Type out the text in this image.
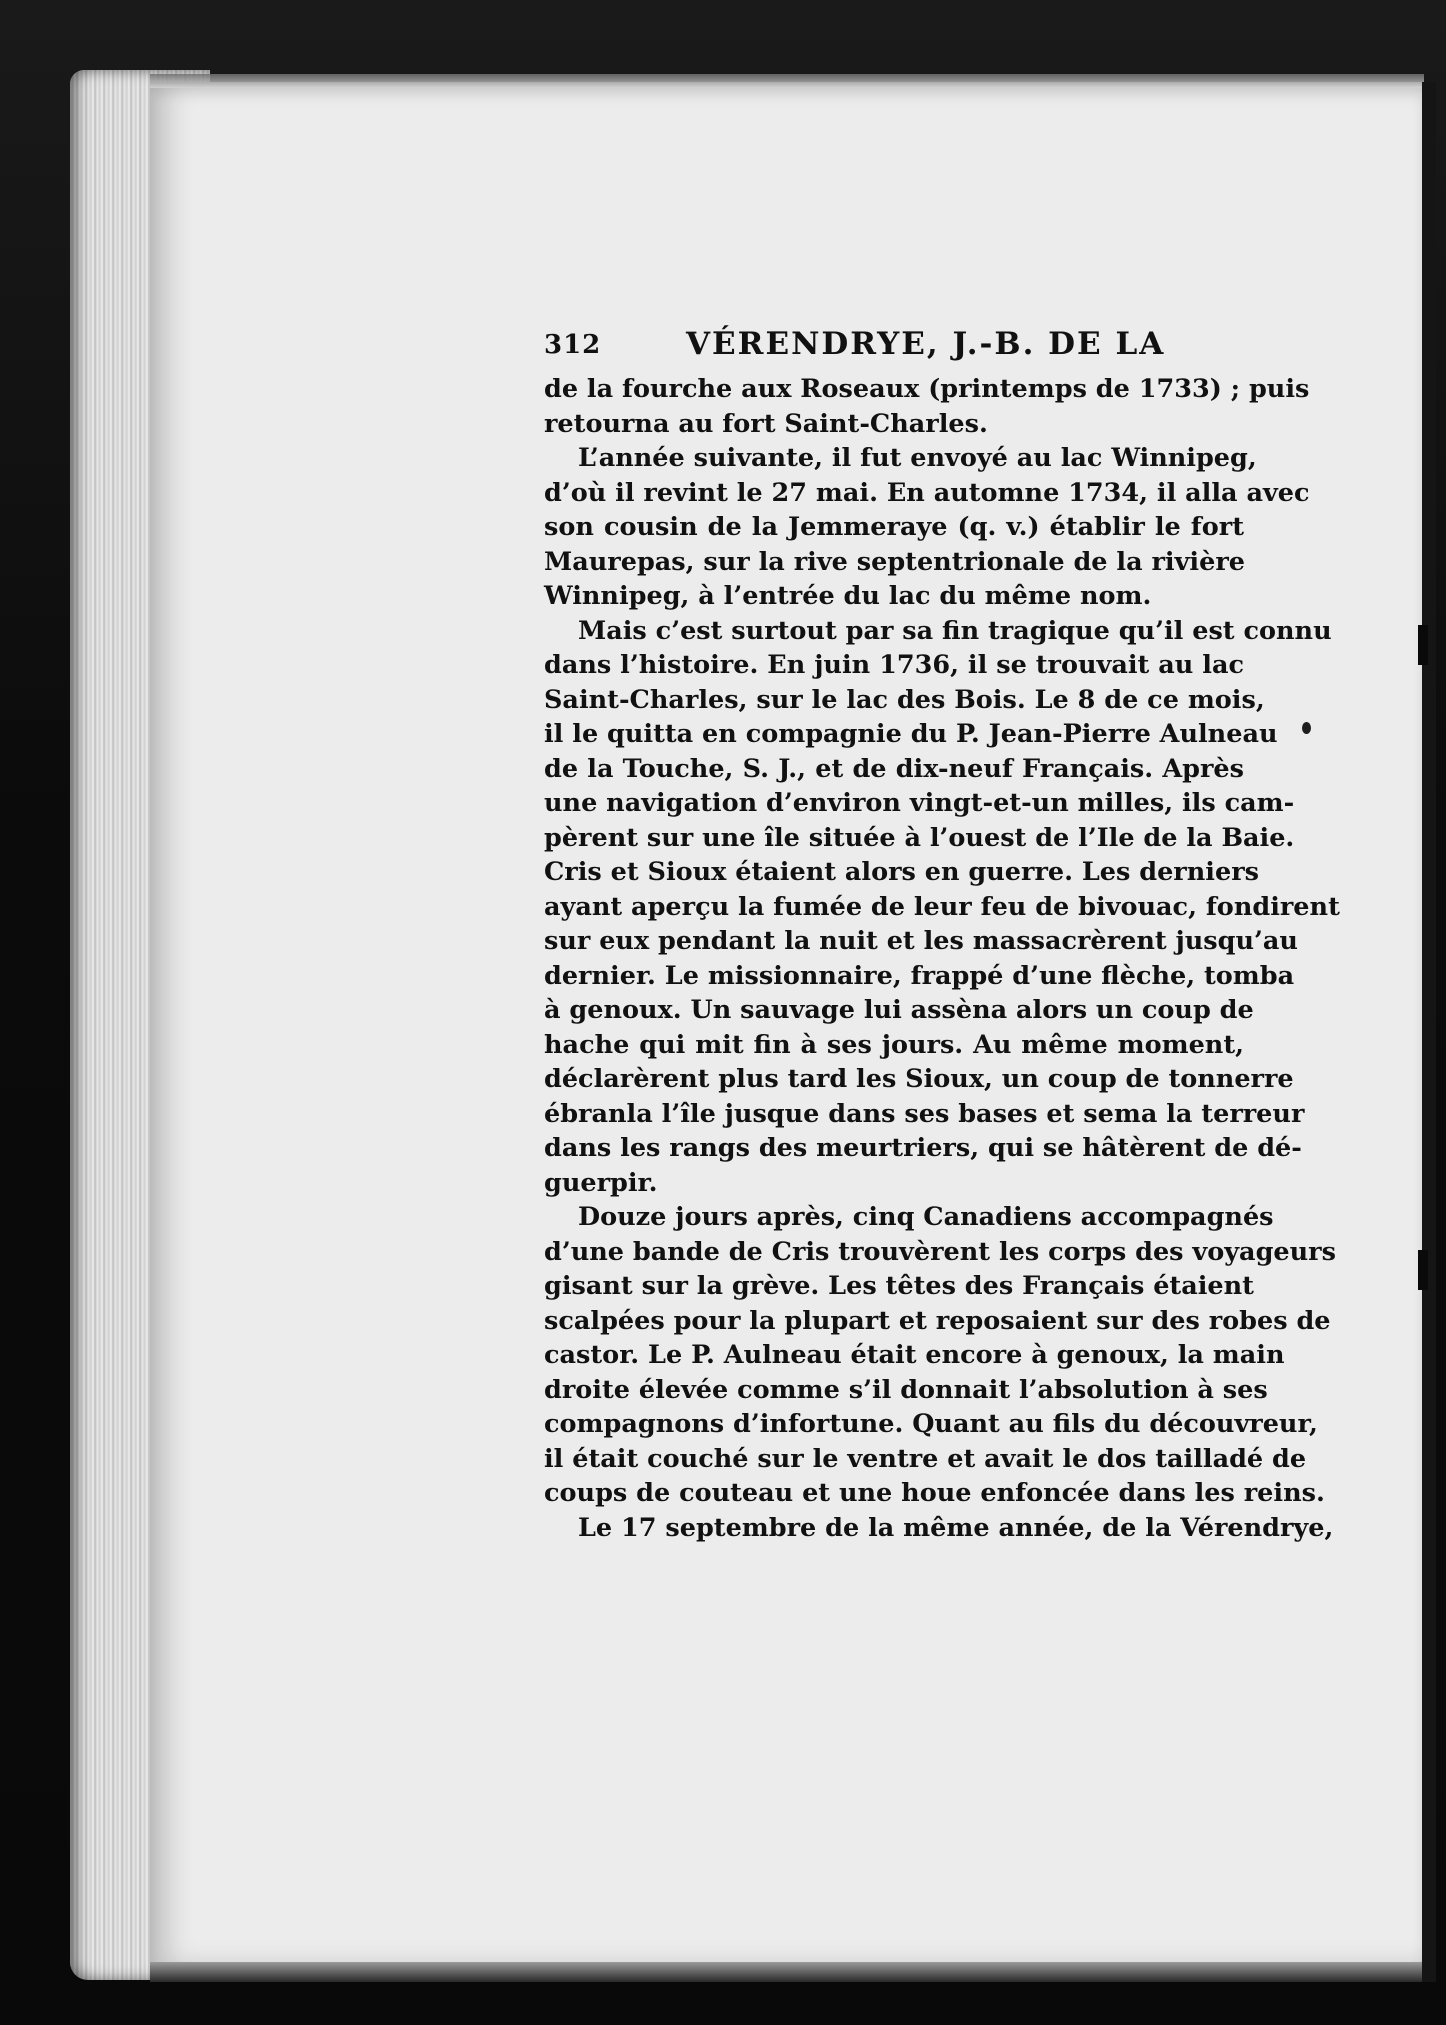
312	VÉRENDRYE, J.-B. DE LA
de la fourche aux Roseaux (printemps de 1733) ; puis
retourna au fort Saint-Charles.
L’année suivante, il fut envoyé au lac Winnipeg,
d’où il revint le 27 mai. En automne 1734, il alla avec
son cousin de la Jemmeraye (q. v.) établir le fort
Maurepas, sur la rive septentrionale de la rivière
Winnipeg, à l’entrée du lac du même nom.
Mais c’est surtout par sa fin tragique qu’il est connu
dans l’histoire. En juin 1736, il se trouvait au lac
Saint-Charles, sur le lac des Bois. Le 8 de ce mois,
il le quitta en compagnie du P. Jean-Pierre Aulneau
de la Touche, S. J., et de dix-neuf Français. Après
une navigation d’environ vingt-et-un milles, ils cam-
pèrent sur une île située à l’ouest de l’Ile de la Baie.
Cris et Sioux étaient alors en guerre. Les derniers
ayant aperçu la fumée de leur feu de bivouac, fondirent
sur eux pendant la nuit et les massacrèrent jusqu’au
dernier. Le missionnaire, frappé d’une flèche, tomba
à genoux. Un sauvage lui assèna alors un coup de
hache qui mit fin à ses jours. Au même moment,
déclarèrent plus tard les Sioux, un coup de tonnerre
ébranla l’île jusque dans ses bases et sema la terreur
dans les rangs des meurtriers, qui se hâtèrent de dé-
guerpir.
Douze jours après, cinq Canadiens accompagnés
d’une bande de Cris trouvèrent les corps des voyageurs
gisant sur la grève. Les têtes des Français étaient
scalpées pour la plupart et reposaient sur des robes de
castor. Le P. Aulneau était encore à genoux, la main
droite élevée comme s’il donnait l’absolution à ses
compagnons d’infortune. Quant au fils du découvreur,
il était couché sur le ventre et avait le dos tailladé de
coups de couteau et une houe enfoncée dans les reins.
Le 17 septembre de la même année, de la Vérendrye,
